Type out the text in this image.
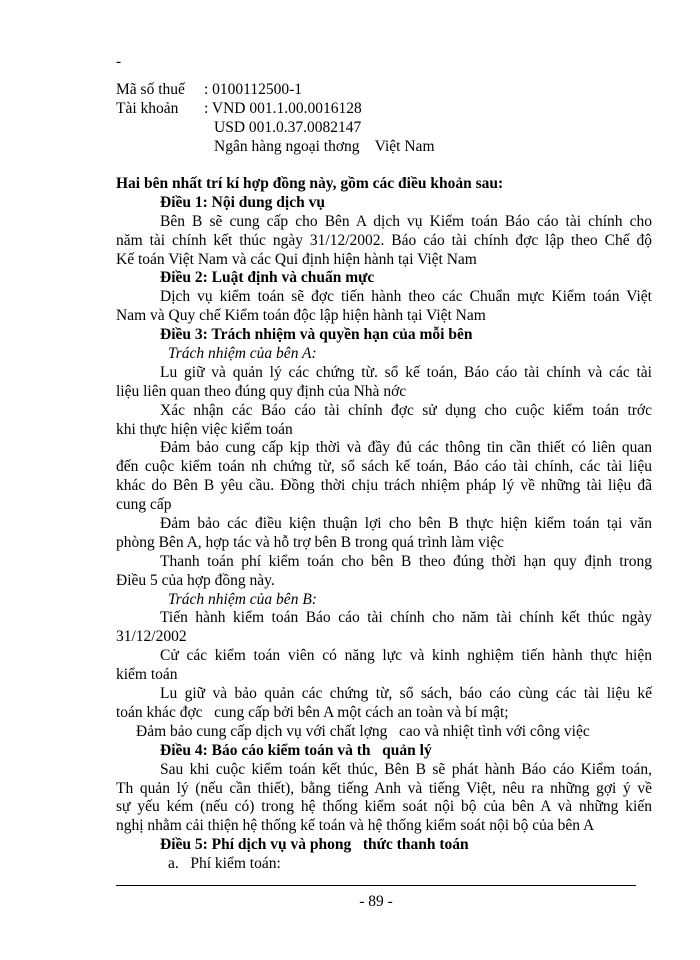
-
Mã số thuế : 0100112500-1
Tài khoản : VND 001.1.00.0016128
USD 001.0.37.0082147
Ngân hàng ngoại thơng    Việt Nam
Hai bên nhất trí kí hợp đồng này, gồm các điều khoản sau:
Điều 1: Nội dung dịch vụ
Bên B sẽ cung cấp cho Bên A dịch vụ Kiểm toán Báo cáo tài chính cho
năm tài chính kết thúc ngày 31/12/2002. Báo cáo tài chính đợc lập theo Chế độ
Kế toán Việt Nam và các Qui định hiện hành tại Việt Nam
Điều 2: Luật định và chuẩn mực
Dịch vụ kiểm toán sẽ đợc tiến hành theo các Chuẩn mực Kiểm toán Việt
Nam và Quy chế Kiểm toán độc lập hiện hành tại Việt Nam
Điều 3: Trách nhiệm và quyền hạn của mỗi bên
Trách nhiệm của bên A:
Lu giữ và quản lý các chứng từ. sổ kế toán, Báo cáo tài chính và các tài
liệu liên quan theo đúng quy định của Nhà nớc
Xác nhận các Báo cáo tài chính đợc sử dụng cho cuộc kiểm toán trớc
khi thực hiện việc kiểm toán
Đảm bảo cung cấp kịp thời và đầy đủ các thông tin cần thiết có liên quan
đến cuộc kiểm toán nh chứng từ, sổ sách kế toán, Báo cáo tài chính, các tài liệu
khác do Bên B yêu cầu. Đồng thời chịu trách nhiệm pháp lý về những tài liệu đã
cung cấp
Đảm bảo các điều kiện thuận lợi cho bên B thực hiện kiểm toán tại văn
phòng Bên A, hợp tác và hỗ trợ bên B trong quá trình làm việc
Thanh toán phí kiểm toán cho bên B theo đúng thời hạn quy định trong
Điều 5 của hợp đồng này.
Trách nhiệm của bên B:
Tiến hành kiểm toán Báo cáo tài chính cho năm tài chính kết thúc ngày
31/12/2002
Cử các kiểm toán viên có năng lực và kinh nghiệm tiến hành thực hiện
kiểm toán
Lu giữ và bảo quản các chứng từ, sổ sách, báo cáo cùng các tài liệu kế
toán khác đợc   cung cấp bởi bên A một cách an toàn và bí mật;
Đảm bảo cung cấp dịch vụ với chất lợng   cao và nhiệt tình với công việc
Điều 4: Báo cáo kiểm toán và th   quản lý
Sau khi cuộc kiểm toán kết thúc, Bên B sẽ phát hành Báo cáo Kiểm toán,
Th quản lý (nếu cần thiết), bằng tiếng Anh và tiếng Việt, nêu ra những gợi ý về
sự yếu kém (nếu có) trong hệ thống kiểm soát nội bộ của bên A và những kiến
nghị nhằm cải thiện hệ thống kế toán và hệ thống kiểm soát nội bộ của bên A
Điều 5: Phí dịch vụ và phong   thức thanh toán
a.   Phí kiểm toán:
- 89 -
